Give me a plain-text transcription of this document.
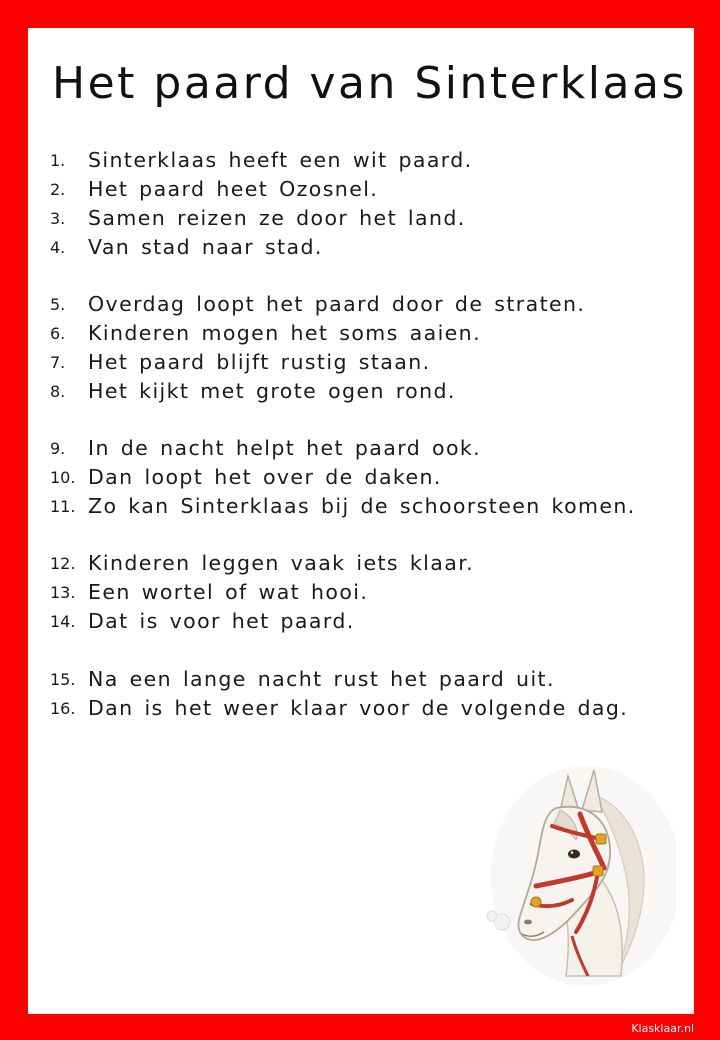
Het paard van Sinterklaas
1.	Sinterklaas heeft een wit paard.
2.	Het paard heet Ozosnel.
3.	Samen reizen ze door het land.
4.	Van stad naar stad.
5.	Overdag loopt het paard door de straten.
6.	Kinderen mogen het soms aaien.
7.	Het paard blijft rustig staan.
8.	Het kijkt met grote ogen rond.
9.	In de nacht helpt het paard ook.
10. Dan loopt het over de daken.
11. Zo kan Sinterklaas bij de schoorsteen komen.
12. Kinderen leggen vaak iets klaar.
13. Een wortel of wat hooi.
14. Dat is voor het paard.
15. Na een lange nacht rust het paard uit.
16. Dan is het weer klaar voor de volgende dag.
Klasklaar.nl
